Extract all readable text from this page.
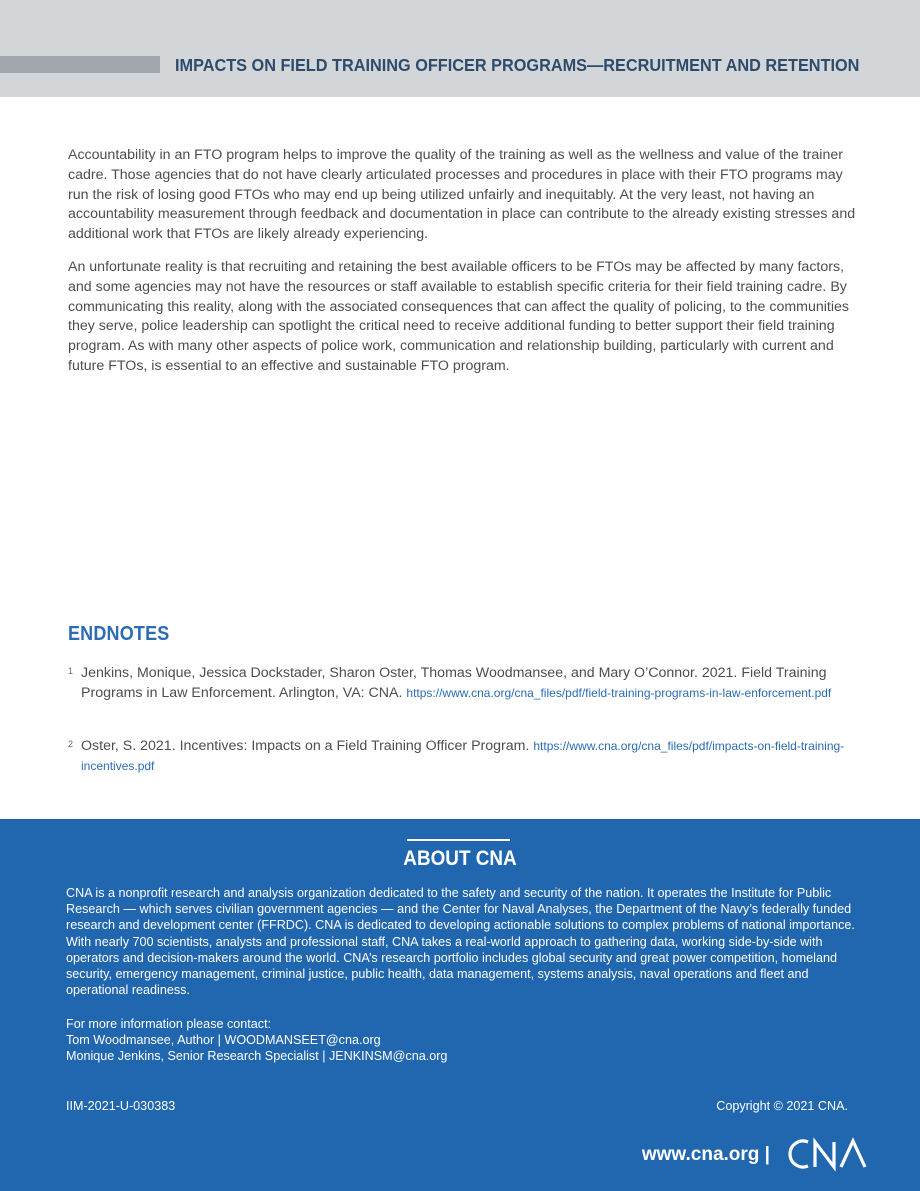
IMPACTS ON FIELD TRAINING OFFICER PROGRAMS—RECRUITMENT AND RETENTION

Accountability in an FTO program helps to improve the quality of the training as well as the wellness and value of the trainer cadre. Those agencies that do not have clearly articulated processes and procedures in place with their FTO programs may run the risk of losing good FTOs who may end up being utilized unfairly and inequitably. At the very least, not having an accountability measurement through feedback and documentation in place can contribute to the already existing stresses and additional work that FTOs are likely already experiencing.

An unfortunate reality is that recruiting and retaining the best available officers to be FTOs may be affected by many factors, and some agencies may not have the resources or staff available to establish specific criteria for their field training cadre. By communicating this reality, along with the associated consequences that can affect the quality of policing, to the communities they serve, police leadership can spotlight the critical need to receive additional funding to better support their field training program. As with many other aspects of police work, communication and relationship building, particularly with current and future FTOs, is essential to an effective and sustainable FTO program.

ENDNOTES
1 Jenkins, Monique, Jessica Dockstader, Sharon Oster, Thomas Woodmansee, and Mary O’Connor. 2021. Field Training Programs in Law Enforcement. Arlington, VA: CNA. https://www.cna.org/cna_files/pdf/field-training-programs-in-law-enforcement.pdf
2 Oster, S. 2021. Incentives: Impacts on a Field Training Officer Program. https://www.cna.org/cna_files/pdf/impacts-on-field-training-incentives.pdf
ABOUT CNA
CNA is a nonprofit research and analysis organization dedicated to the safety and security of the nation. It operates the Institute for Public Research — which serves civilian government agencies — and the Center for Naval Analyses, the Department of the Navy’s federally funded research and development center (FFRDC). CNA is dedicated to developing actionable solutions to complex problems of national importance. With nearly 700 scientists, analysts and professional staff, CNA takes a real-world approach to gathering data, working side-by-side with operators and decision-makers around the world. CNA’s research portfolio includes global security and great power competition, homeland security, emergency management, criminal justice, public health, data management, systems analysis, naval operations and fleet and operational readiness.
For more information please contact:
Tom Woodmansee, Author | WOODMANSEET@cna.org
Monique Jenkins, Senior Research Specialist | JENKINSM@cna.org
IIM-2021-U-030383	Copyright © 2021 CNA.
www.cna.org |
